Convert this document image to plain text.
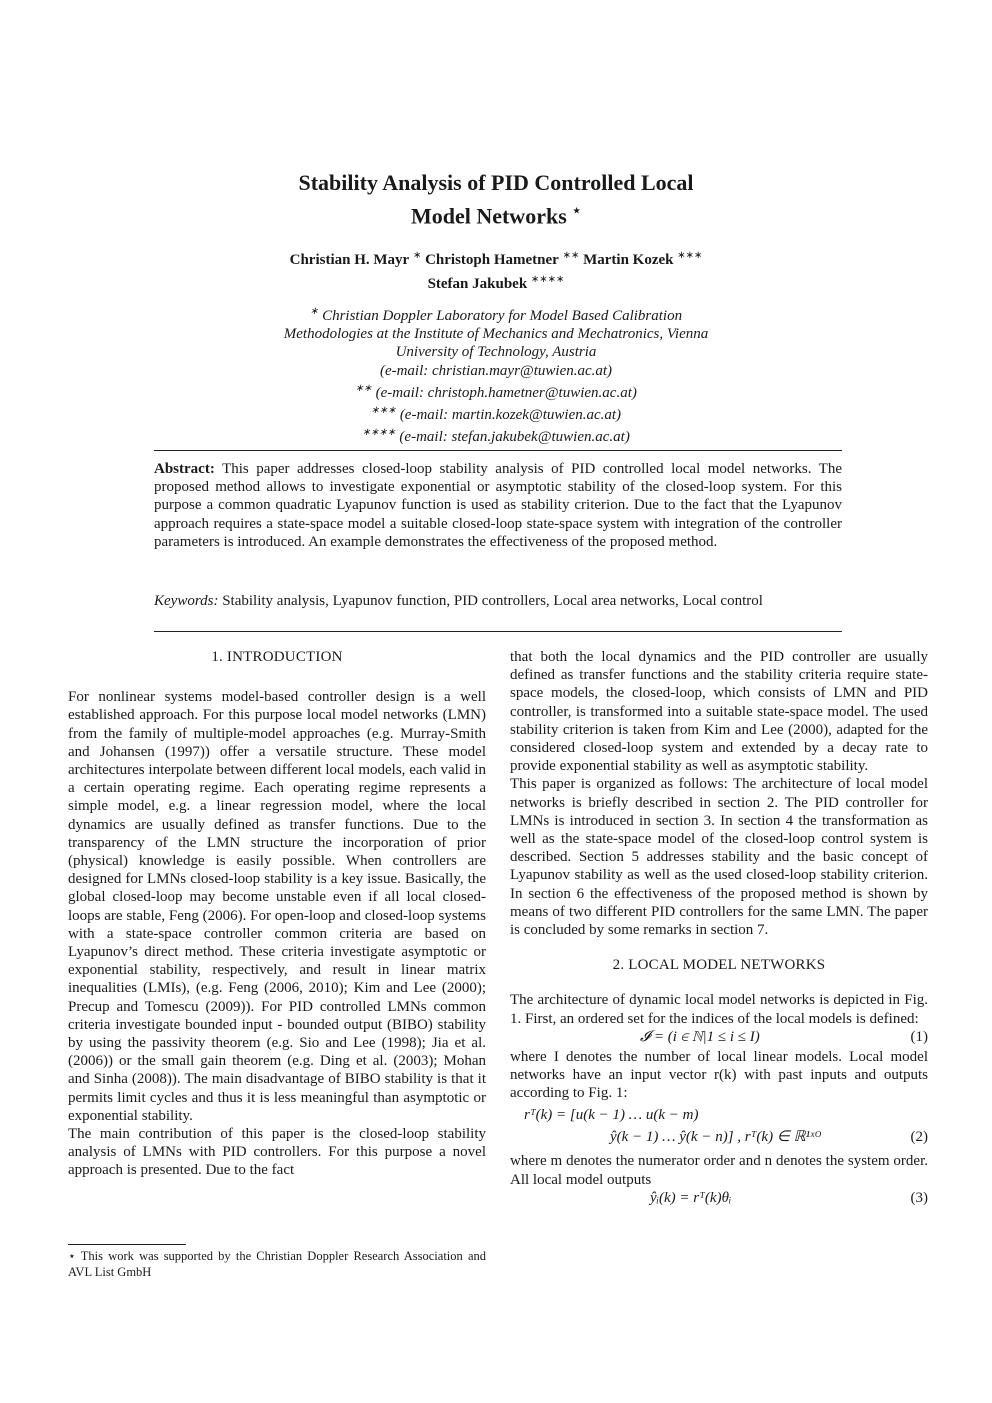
Stability Analysis of PID Controlled Local
Model Networks ⋆
Christian H. Mayr ∗ Christoph Hametner ∗∗ Martin Kozek ∗∗∗
Stefan Jakubek ∗∗∗∗
∗ Christian Doppler Laboratory for Model Based Calibration
Methodologies at the Institute of Mechanics and Mechatronics, Vienna
University of Technology, Austria
(e-mail: christian.mayr@tuwien.ac.at)
∗∗ (e-mail: christoph.hametner@tuwien.ac.at)
∗∗∗ (e-mail: martin.kozek@tuwien.ac.at)
∗∗∗∗ (e-mail: stefan.jakubek@tuwien.ac.at)
Abstract: This paper addresses closed-loop stability analysis of PID controlled local model networks. The proposed method allows to investigate exponential or asymptotic stability of the closed-loop system. For this purpose a common quadratic Lyapunov function is used as stability criterion. Due to the fact that the Lyapunov approach requires a state-space model a suitable closed-loop state-space system with integration of the controller parameters is introduced. An example demonstrates the effectiveness of the proposed method.
Keywords: Stability analysis, Lyapunov function, PID controllers, Local area networks, Local control
1. INTRODUCTION

For nonlinear systems model-based controller design is a well established approach. For this purpose local model networks (LMN) from the family of multiple-model approaches (e.g. Murray-Smith and Johansen (1997)) offer a versatile structure. These model architectures interpolate between different local models, each valid in a certain operating regime. Each operating regime represents a simple model, e.g. a linear regression model, where the local dynamics are usually defined as transfer functions. Due to the transparency of the LMN structure the incorporation of prior (physical) knowledge is easily possible. When controllers are designed for LMNs closed-loop stability is a key issue. Basically, the global closed-loop may become unstable even if all local closed-loops are stable, Feng (2006). For open-loop and closed-loop systems with a state-space controller common criteria are based on Lyapunov’s direct method. These criteria investigate asymptotic or exponential stability, respectively, and result in linear matrix inequalities (LMIs), (e.g. Feng (2006, 2010); Kim and Lee (2000); Precup and Tomescu (2009)). For PID controlled LMNs common criteria investigate bounded input - bounded output (BIBO) stability by using the passivity theorem (e.g. Sio and Lee (1998); Jia et al. (2006)) or the small gain theorem (e.g. Ding et al. (2003); Mohan and Sinha (2008)). The main disadvantage of BIBO stability is that it permits limit cycles and thus it is less meaningful than asymptotic or exponential stability.

The main contribution of this paper is the closed-loop stability analysis of LMNs with PID controllers. For this purpose a novel approach is presented. Due to the fact

⋆ This work was supported by the Christian Doppler Research Association and AVL List GmbH

that both the local dynamics and the PID controller are usually defined as transfer functions and the stability criteria require state-space models, the closed-loop, which consists of LMN and PID controller, is transformed into a suitable state-space model. The used stability criterion is taken from Kim and Lee (2000), adapted for the considered closed-loop system and extended by a decay rate to provide exponential stability as well as asymptotic stability.

This paper is organized as follows: The architecture of local model networks is briefly described in section 2. The PID controller for LMNs is introduced in section 3. In section 4 the transformation as well as the state-space model of the closed-loop control system is described. Section 5 addresses stability and the basic concept of Lyapunov stability as well as the used closed-loop stability criterion. In section 6 the effectiveness of the proposed method is shown by means of two different PID controllers for the same LMN. The paper is concluded by some remarks in section 7.

2. LOCAL MODEL NETWORKS

The architecture of dynamic local model networks is depicted in Fig. 1. First, an ordered set for the indices of the local models is defined:

𝓘 = (i ∈ ℕ|1 ≤ i ≤ I)	(1)

where I denotes the number of local linear models. Local model networks have an input vector r(k) with past inputs and outputs according to Fig. 1:

rᵀ(k) = [u(k − 1) … u(k − m)
ŷ(k − 1) … ŷ(k − n)] , rᵀ(k) ∈ ℝ¹ˣᴼ	(2)

where m denotes the numerator order and n denotes the system order. All local model outputs

ŷᵢ(k) = rᵀ(k)θᵢ	(3)
